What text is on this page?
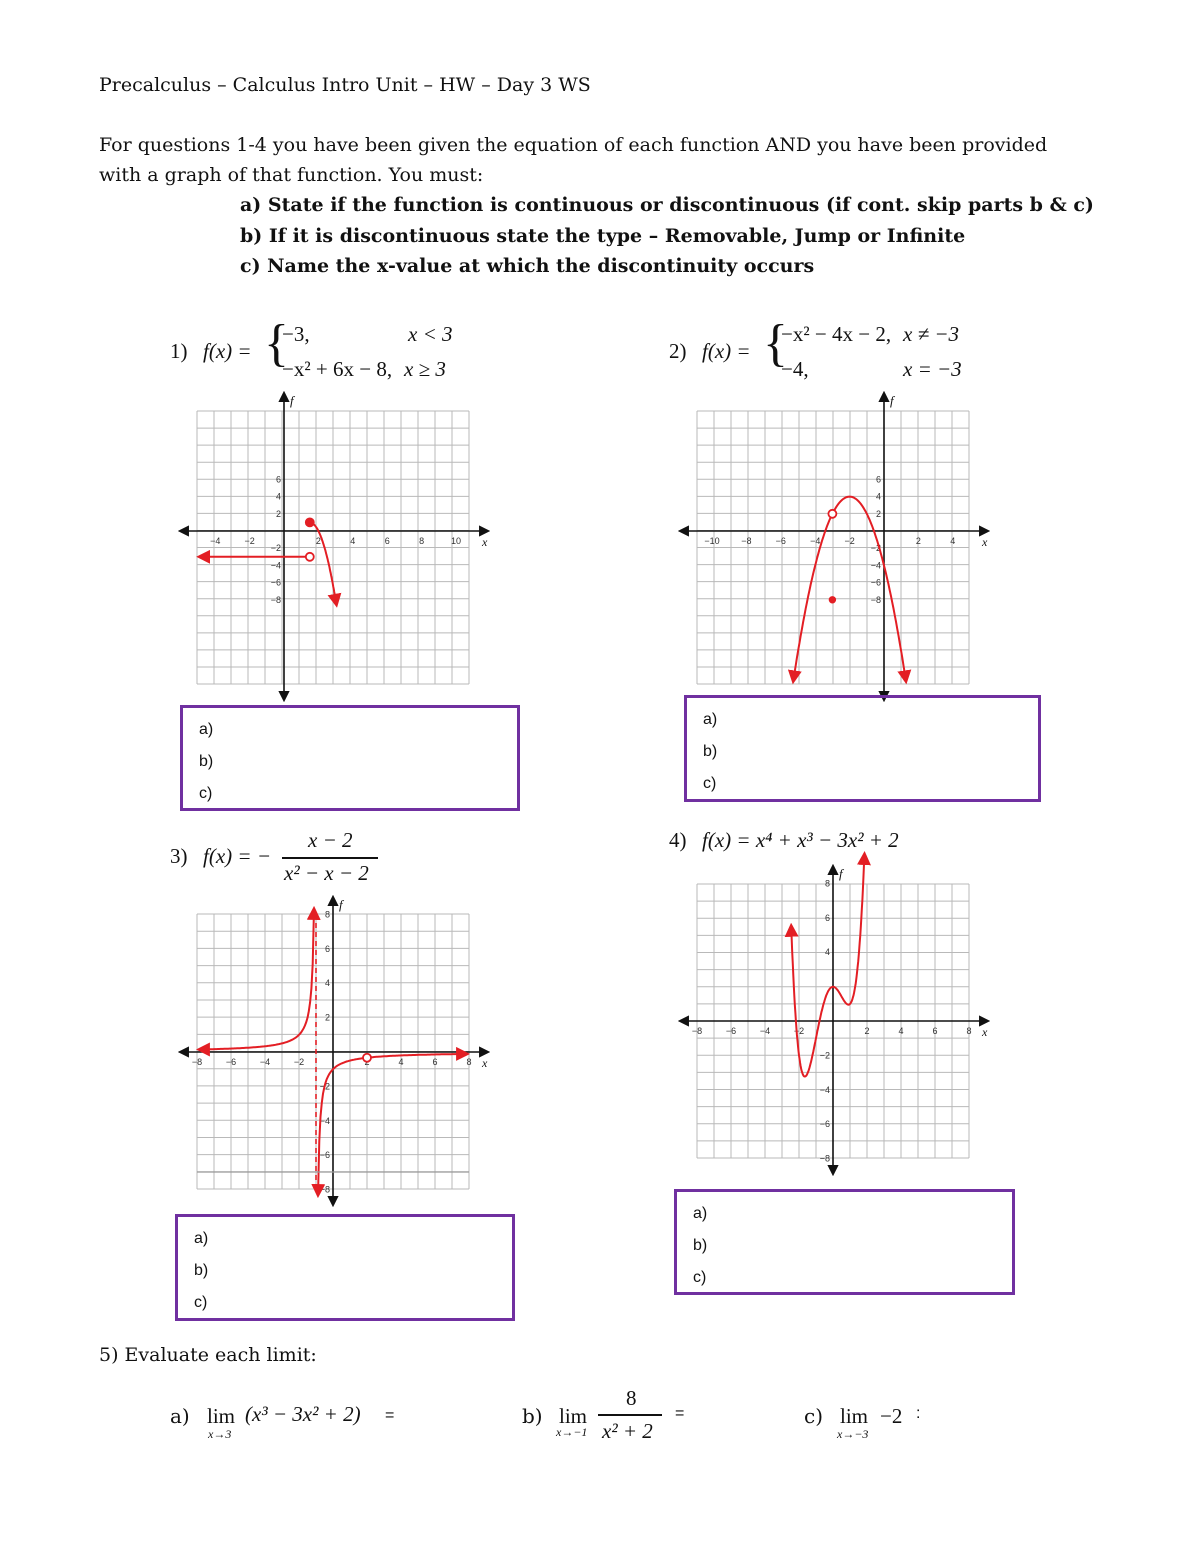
Precalculus – Calculus Intro Unit – HW – Day 3 WS
For questions 1-4 you have been given the equation of each function AND you have been provided
with a graph of that function. You must:
a) State if the function is continuous or discontinuous (if cont. skip parts b & c)
b) If it is discontinuous state the type – Removable, Jump or Infinite
c) Name the x-value at which the discontinuity occurs
1) f(x) = {
−3,	x < 3
−x² + 6x − 8, x ≥ 3
2) f(x) = {
−x² − 4x − 2, x ≠ −3
−4,	x = −3
3) f(x) = −
x − 2
x² − x − 2
4) f(x) = x⁴ + x³ − 3x² + 2
x
f
−4	−2	2	4	6	8	10
6
4
2
−2
−4
−6
−8
x
f
−10 −8	−6	−4	−2	2	4
6
4
2
−2
−4
−6
−8
x
f
−8	−6	−4	−2	4	6	8
8
6
4
2
−2
−4
−6
−8
x
f
−8	−6	−4	−2	2	4	6	8
8
6
4
−2
−4
−6
−8
a)
b)
c)
a)
b)
c)
a)
b)
c)
a)
b)
c)
5) Evaluate each limit:
a) lim
x→3
(x³ − 3x² + 2) =	b) lim
x→−1
8
x² + 2
=	c) lim
x→−3
−2 :
